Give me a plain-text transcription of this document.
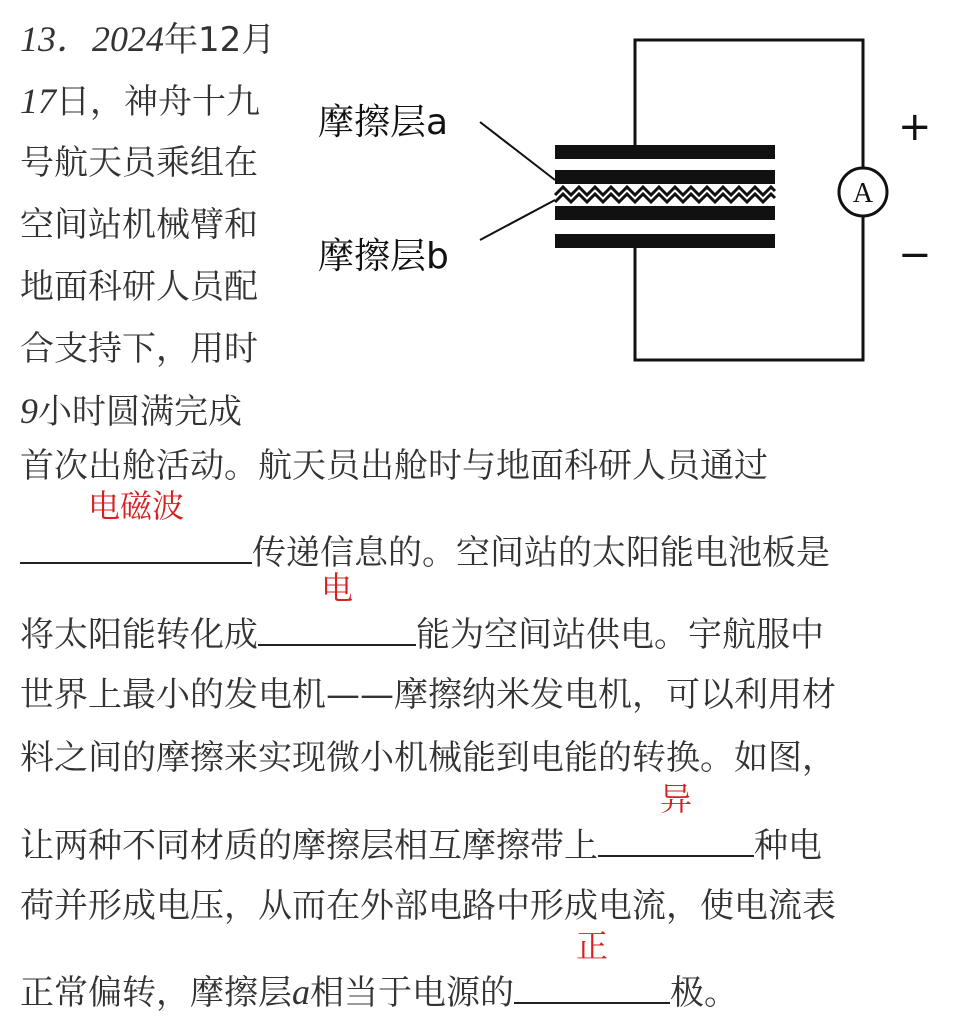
13．2024年12月
17日，神舟十九
号航天员乘组在
空间站机械臂和
地面科研人员配
合支持下，用时
9小时圆满完成
摩擦层a
摩擦层b
A
+
−
首次出舱活动。航天员出舱时与地面科研人员通过
电磁波
传递信息的。空间站的太阳能电池板是
将太阳能转化成
电
能为空间站供电。宇航服中
世界上最小的发电机——摩擦纳米发电机，可以利用材
料之间的摩擦来实现微小机械能到电能的转换。如图，
让两种不同材质的摩擦层相互摩擦带上
异
种电
荷并形成电压，从而在外部电路中形成电流，使电流表
正常偏转，摩擦层a相当于电源的
正
极。
